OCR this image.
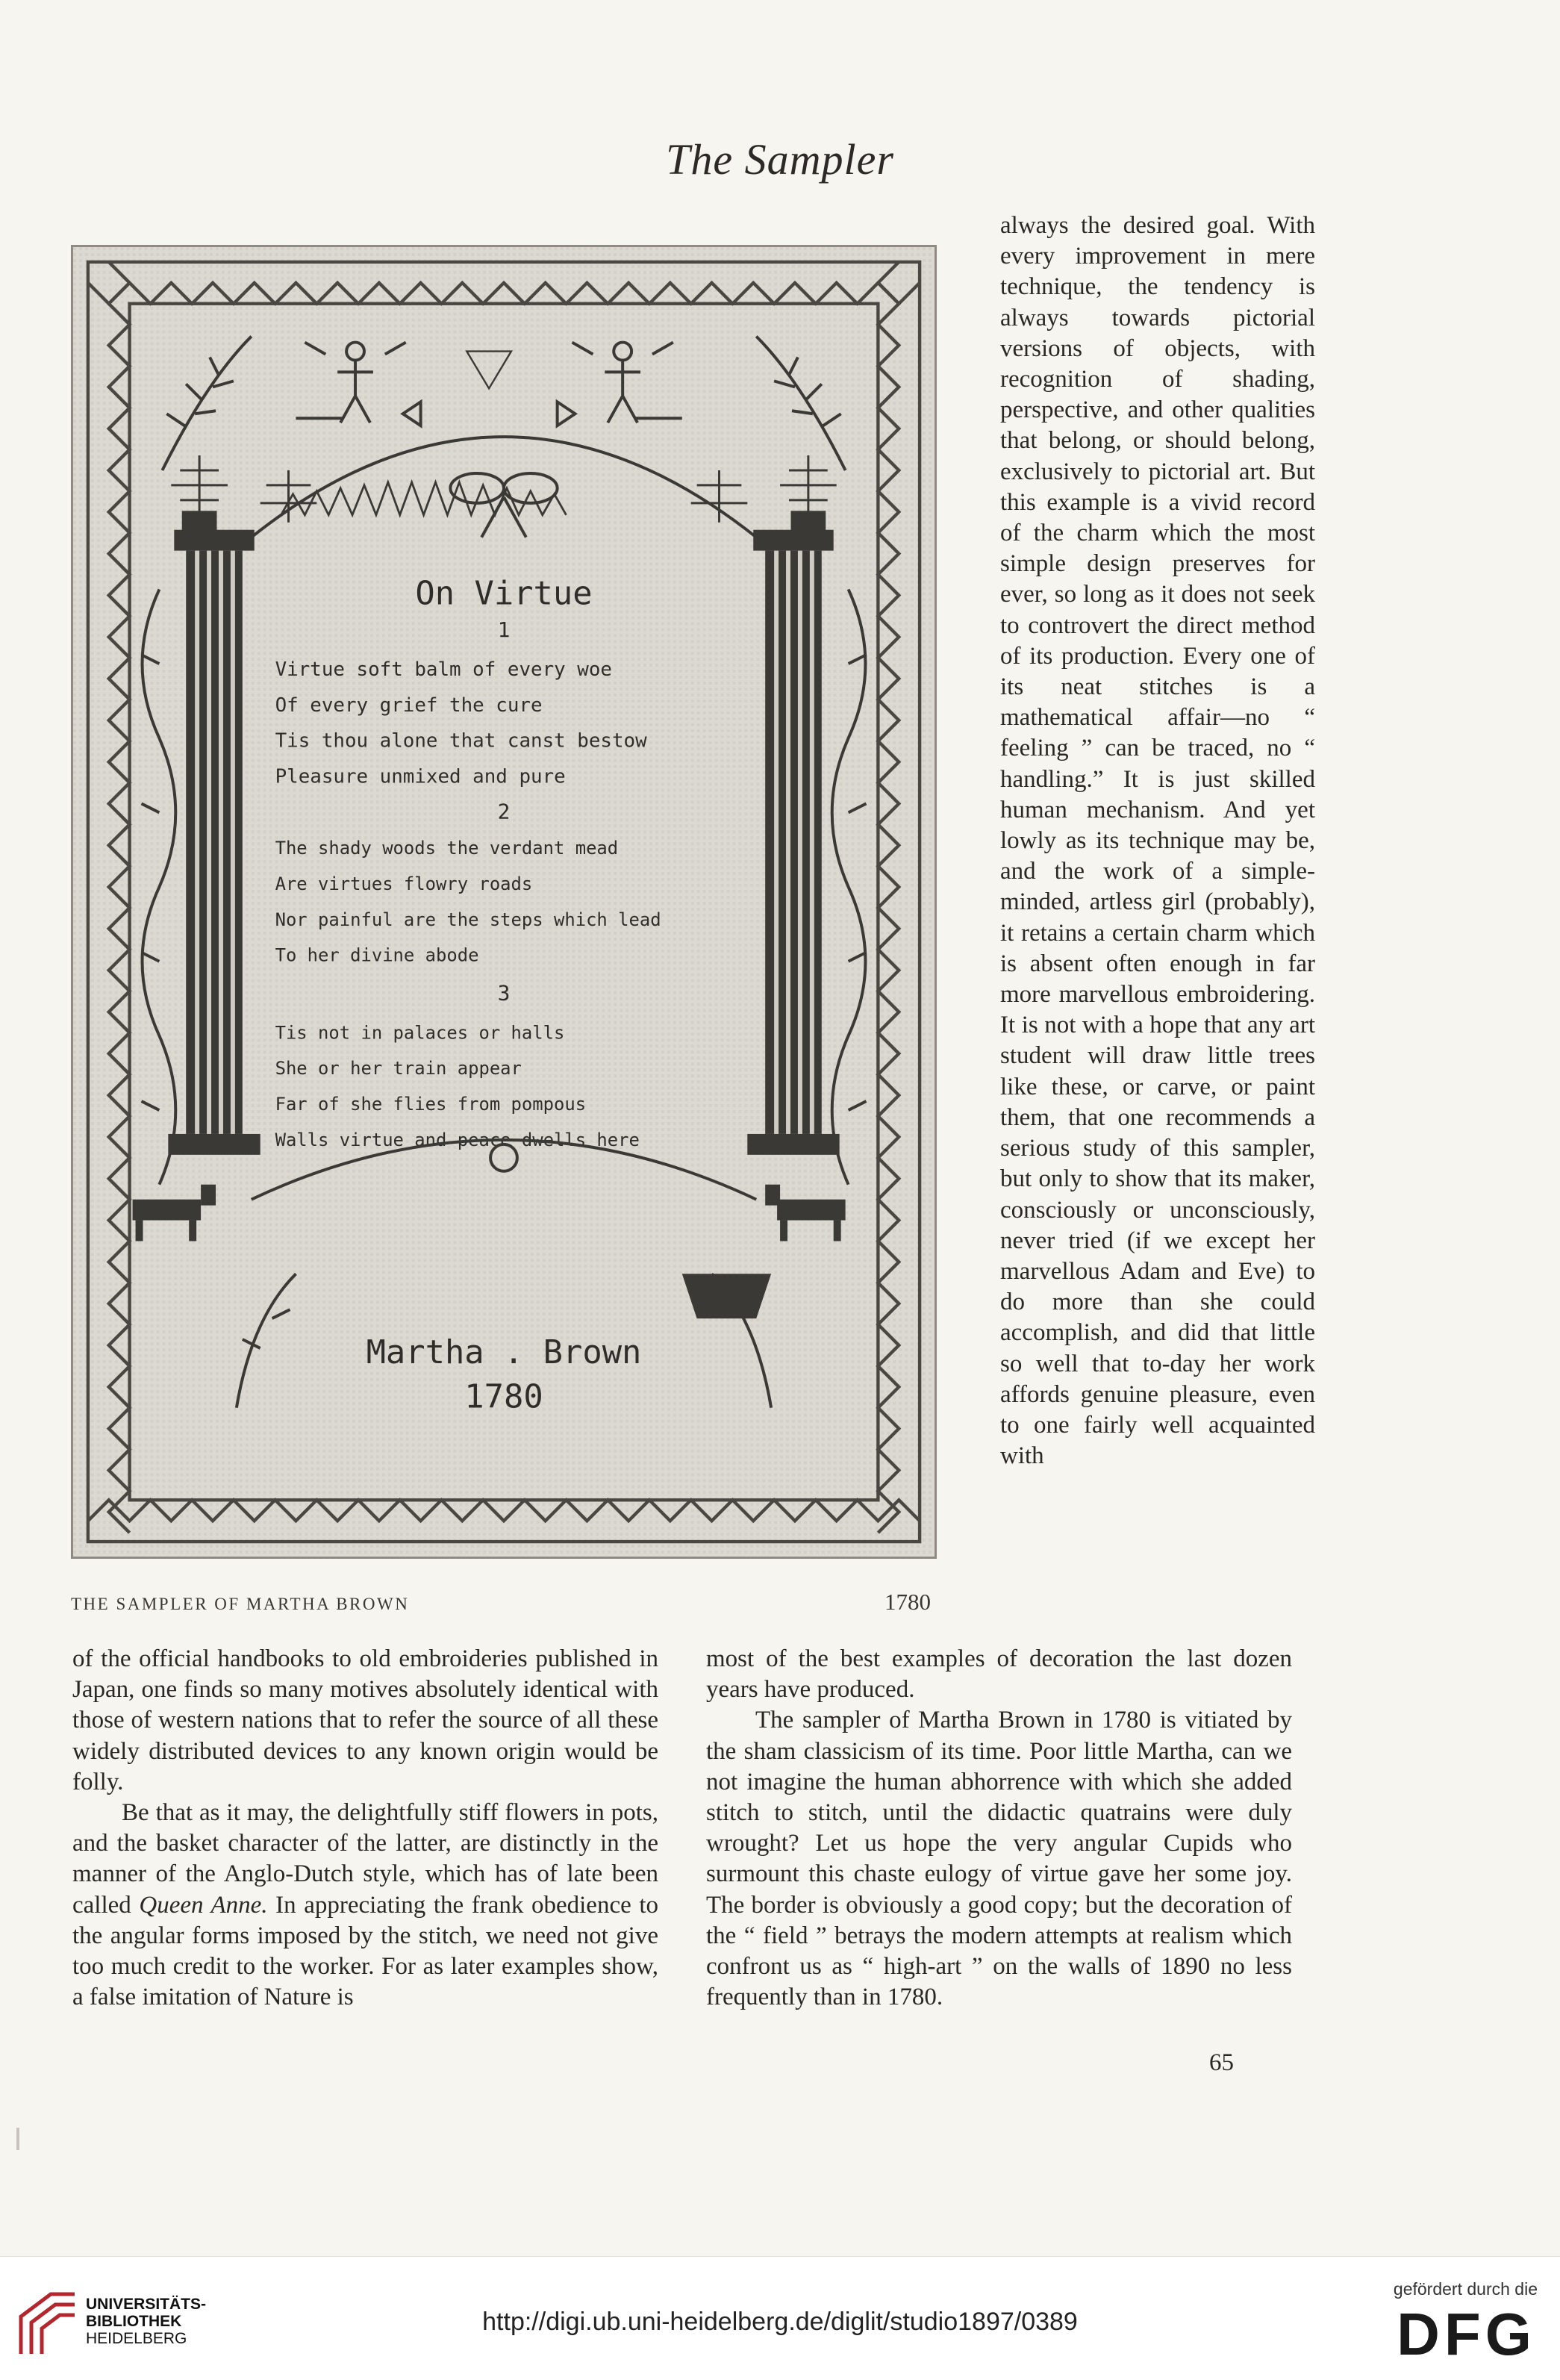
The Sampler
On Virtue
1
Virtue soft balm of every woe
Of every grief the cure
Tis thou alone that canst bestow
Pleasure unmixed and pure
2
The shady woods the verdant mead
Are virtues flowry roads
Nor painful are the steps which lead
To her divine abode
3
Tis not in palaces or halls
She or her train appear
Far of she flies from pompous
Walls virtue and peace dwells here
Martha . Brown
1780
THE SAMPLER OF MARTHA BROWN	1780

always the desired goal. With every improvement in mere technique, the tendency is always towards pictorial versions of objects, with recognition of shading, perspective, and other qualities that belong, or should belong, exclusively to pictorial art. But this example is a vivid record of the charm which the most simple design preserves for ever, so long as it does not seek to controvert the direct method of its production. Every one of its neat stitches is a mathematical affair—no “ feeling ” can be traced, no “ handling.” It is just skilled human mechanism. And yet lowly as its technique may be, and the work of a simple-minded, artless girl (probably), it retains a certain charm which is absent often enough in far more marvellous embroidering. It is not with a hope that any art student will draw little trees like these, or carve, or paint them, that one recommends a serious study of this sampler, but only to show that its maker, consciously or unconsciously, never tried (if we except her marvellous Adam and Eve) to do more than she could accomplish, and did that little so well that to-day her work affords genuine pleasure, even to one fairly well acquainted with

of the official handbooks to old embroideries published in Japan, one finds so many motives absolutely identical with those of western nations that to refer the source of all these widely distributed devices to any known origin would be folly.

Be that as it may, the delightfully stiff flowers in pots, and the basket character of the latter, are distinctly in the manner of the Anglo-Dutch style, which has of late been called Queen Anne. In appreciating the frank obedience to the angular forms imposed by the stitch, we need not give too much credit to the worker. For as later examples show, a false imitation of Nature is

most of the best examples of decoration the last dozen years have produced.

The sampler of Martha Brown in 1780 is vitiated by the sham classicism of its time. Poor little Martha, can we not imagine the human abhorrence with which she added stitch to stitch, until the didactic quatrains were duly wrought? Let us hope the very angular Cupids who surmount this chaste eulogy of virtue gave her some joy. The border is obviously a good copy; but the decoration of the “ field ” betrays the modern attempts at realism which confront us as “ high-art ” on the walls of 1890 no less frequently than in 1780.

65
UNIVERSITÄTS-
BIBLIOTHEK
HEIDELBERG
http://digi.ub.uni-heidelberg.de/diglit/studio1897/0389
gefördert durch die
DFG
